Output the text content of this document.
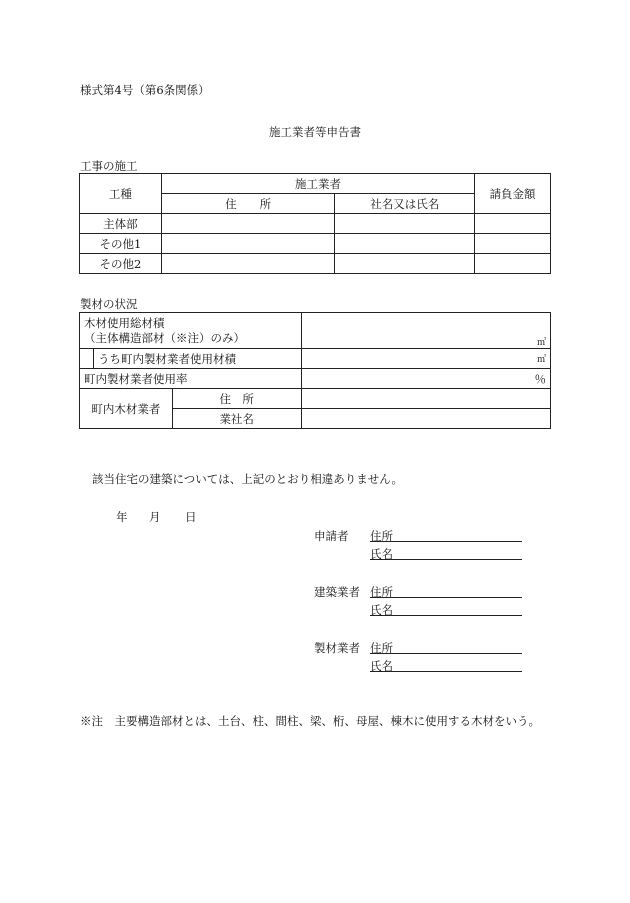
様式第4号（第6条関係）
施工業者等申告書
工事の施工
工種	施工業者		請負金額
	住　　所	社名又は氏名	
主体部			
その他1			
その他2			
製材の状況
木材使用総材積
（主体構造部材（※注）のみ）			㎥
	うち町内製材業者使用材積		㎥
町内製材業者使用率			％
町内木材業者		住　所	
		業社名	
該当住宅の建築については、上記のとおり相違ありません。
年 月 日
申請者 住所
氏名
建築業者 住所
氏名
製材業者 住所
氏名
※注　主要構造部材とは、土台、柱、間柱、梁、桁、母屋、棟木に使用する木材をいう。
